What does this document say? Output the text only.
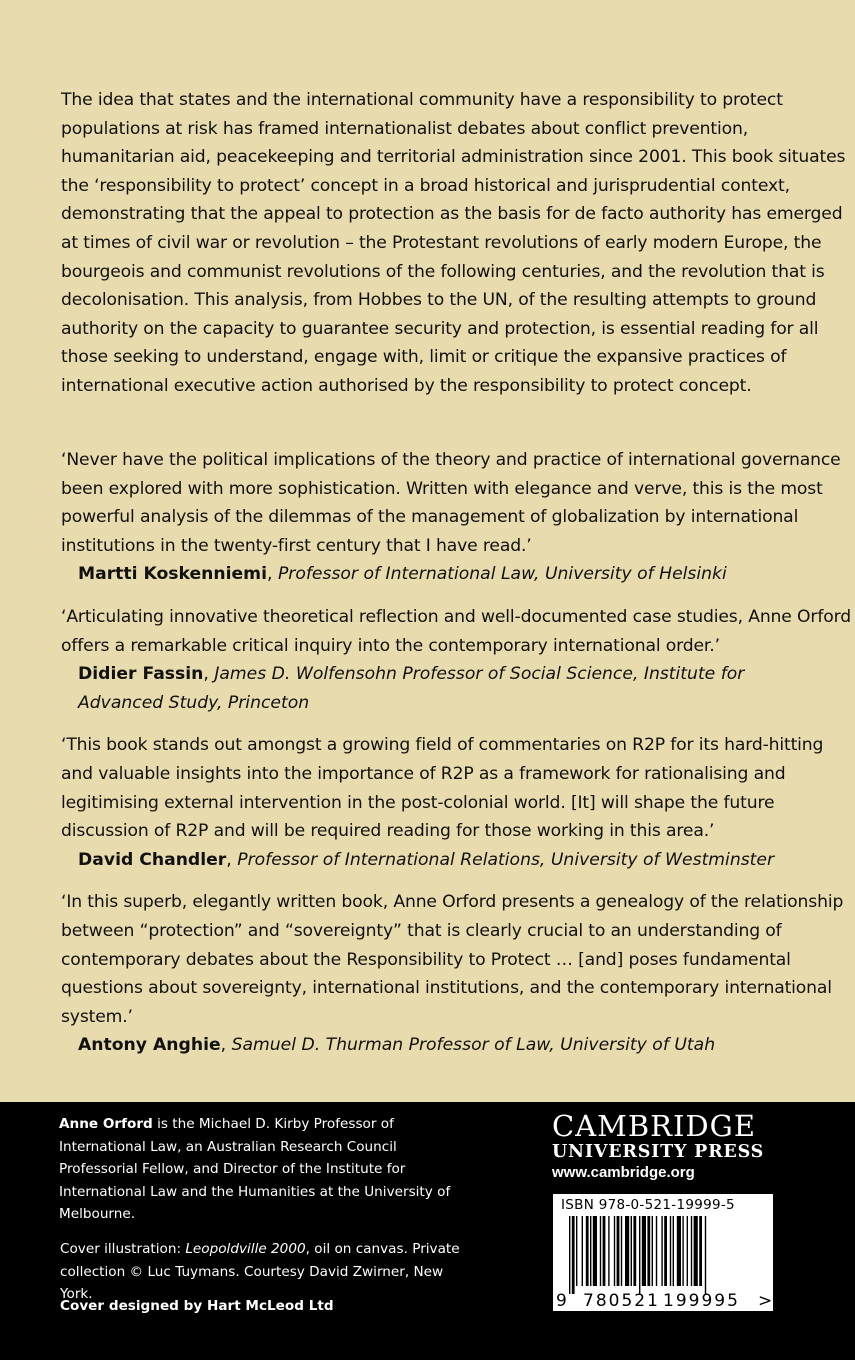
The idea that states and the international community have a responsibility to protect populations at risk has framed internationalist debates about conflict prevention, humanitarian aid, peacekeeping and territorial administration since 2001. This book situates the ‘responsibility to protect’ concept in a broad historical and jurisprudential context, demonstrating that the appeal to protection as the basis for de facto authority has emerged at times of civil war or revolution – the Protestant revolutions of early modern Europe, the bourgeois and communist revolutions of the following centuries, and the revolution that is decolonisation. This analysis, from Hobbes to the UN, of the resulting attempts to ground authority on the capacity to guarantee security and protection, is essential reading for all those seeking to understand, engage with, limit or critique the expansive practices of international executive action authorised by the responsibility to protect concept.

‘Never have the political implications of the theory and practice of international governance been explored with more sophistication. Written with elegance and verve, this is the most powerful analysis of the dilemmas of the management of globalization by international institutions in the twenty-first century that I have read.’

Martti Koskenniemi, Professor of International Law, University of Helsinki

‘Articulating innovative theoretical reflection and well-documented case studies, Anne Orford offers a remarkable critical inquiry into the contemporary international order.’

Didier Fassin, James D. Wolfensohn Professor of Social Science, Institute for Advanced Study, Princeton

‘This book stands out amongst a growing field of commentaries on R2P for its hard-hitting and valuable insights into the importance of R2P as a framework for rationalising and legitimising external intervention in the post-colonial world. [It] will shape the future discussion of R2P and will be required reading for those working in this area.’

David Chandler, Professor of International Relations, University of Westminster

‘In this superb, elegantly written book, Anne Orford presents a genealogy of the relationship between “protection” and “sovereignty” that is clearly crucial to an understanding of contemporary debates about the Responsibility to Protect … [and] poses fundamental questions about sovereignty, international institutions, and the contemporary international system.’

Antony Anghie, Samuel D. Thurman Professor of Law, University of Utah

Anne Orford is the Michael D. Kirby Professor of International Law, an Australian Research Council Professorial Fellow, and Director of the Institute for International Law and the Humanities at the University of Melbourne.

Cover illustration: Leopoldville 2000, oil on canvas. Private collection © Luc Tuymans. Courtesy David Zwirner, New York.

Cover designed by Hart McLeod Ltd

CAMBRIDGE

UNIVERSITY PRESS

www.cambridge.org

ISBN 978-0-521-19999-5
9 780521 199995 >
